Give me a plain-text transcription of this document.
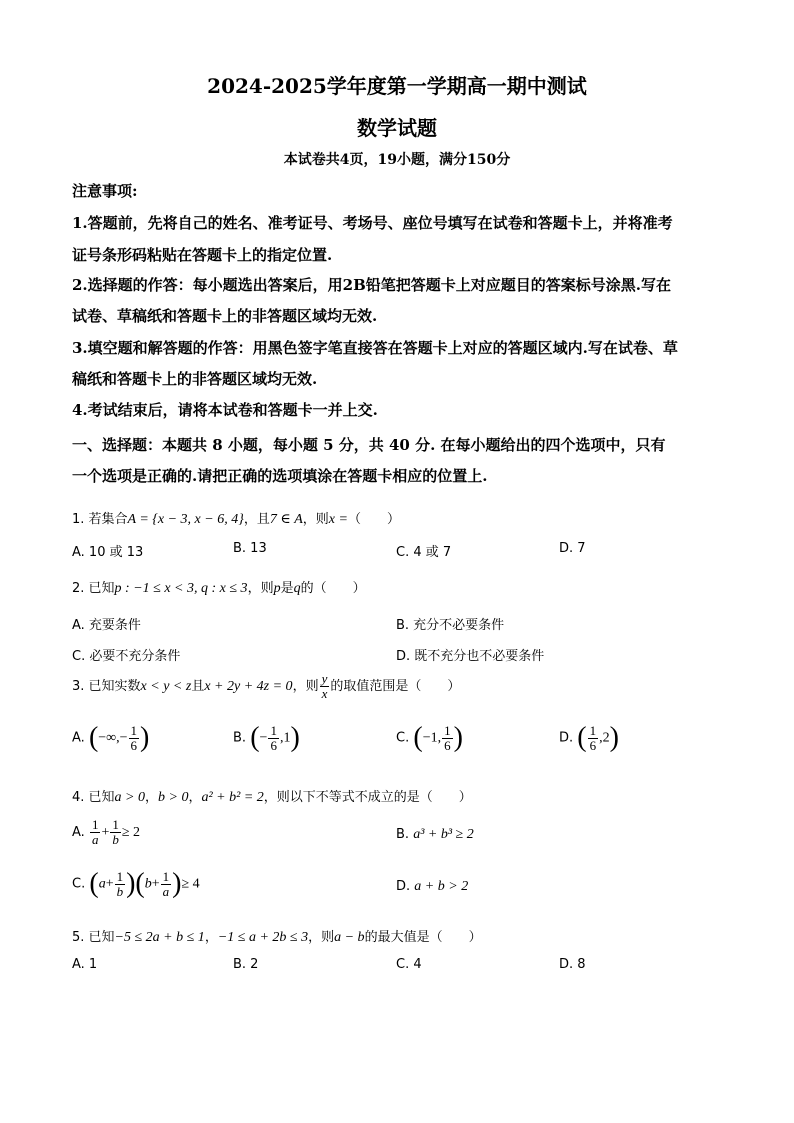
2024-2025学年度第一学期高一期中测试
数学试题
本试卷共4页，19小题，满分150分
注意事项:
1.答题前，先将自己的姓名、准考证号、考场号、座位号填写在试卷和答题卡上，并将准考
证号条形码粘贴在答题卡上的指定位置.
2.选择题的作答：每小题选出答案后，用2B铅笔把答题卡上对应题目的答案标号涂黑.写在
试卷、草稿纸和答题卡上的非答题区域均无效.
3.填空题和解答题的作答：用黑色签字笔直接答在答题卡上对应的答题区域内.写在试卷、草
稿纸和答题卡上的非答题区域均无效.
4.考试结束后，请将本试卷和答题卡一并上交.
一、选择题：本题共 8 小题，每小题 5 分，共 40 分. 在每小题给出的四个选项中，只有
一个选项是正确的.请把正确的选项填涂在答题卡相应的位置上.
1. 若集合A = {x − 3, x − 6, 4}，且7 ∈ A，则x =（　　）
A. 10 或 13	B. 13	C. 4 或 7	D. 7
2. 已知p : −1 ≤ x < 3, q : x ≤ 3，则p是q的（　　）
A. 充要条件	B. 充分不必要条件
C. 必要不充分条件	D. 既不充分也不必要条件
3. 已知实数x < y < z且x + 2y + 4z = 0，则 $\frac{y}{x}$ 的取值范围是（　　）
A. (−∞,− $\frac{1}{6}$ )	B. (− $\frac{1}{6} ,1$)	C. (−1, $\frac{1}{6}$ )	D. ( $\frac{1}{6} ,2$)
4. 已知a > 0，b > 0，a² + b² = 2，则以下不等式不成立的是（　　）
A. $\frac{1}{a} + \frac{1}{b} \ge 2$	B. a³ + b³ ≥ 2
C. $(a+ \frac{1}{b} )(b+ \frac{1}{a}$ )≥ 4	D. a + b > 2
5. 已知−5 ≤ 2a + b ≤ 1，−1 ≤ a + 2b ≤ 3，则a − b的最大值是（　　）
A. 1	B. 2	C. 4	D. 8
